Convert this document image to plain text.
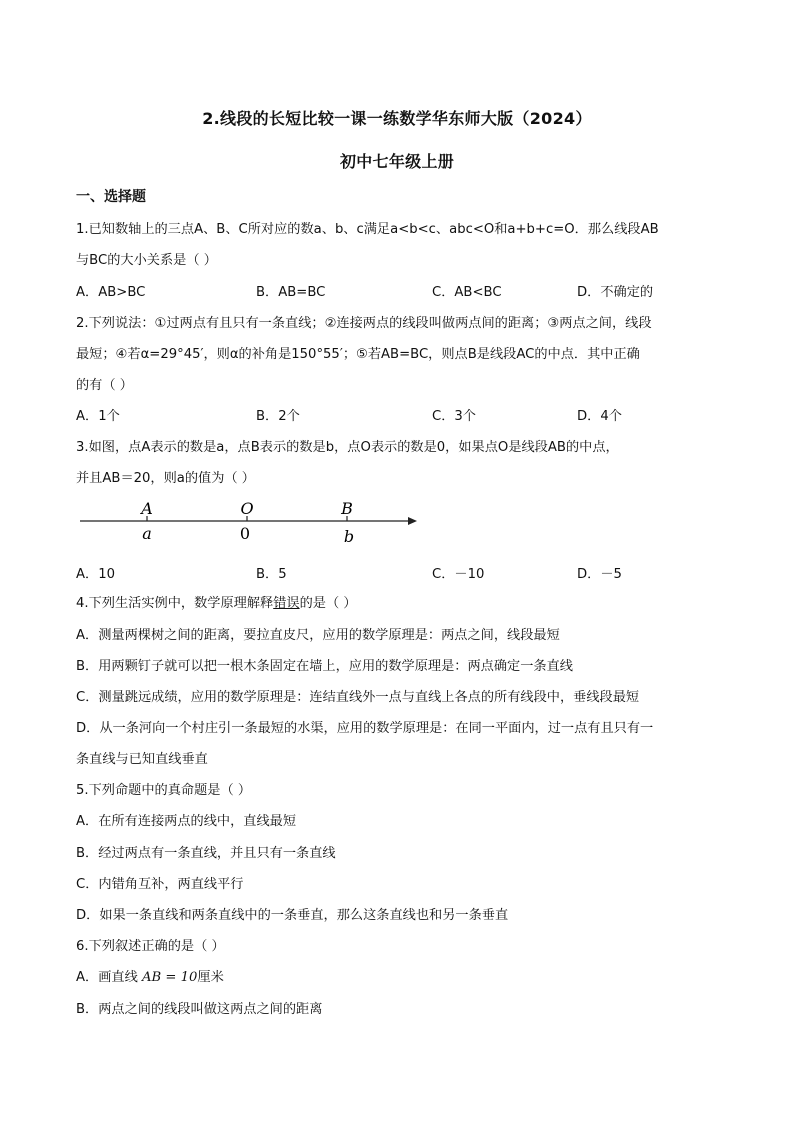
2.线段的长短比较一课一练数学华东师大版（2024）
初中七年级上册
一、选择题
1.已知数轴上的三点A、B、C所对应的数a、b、c满足a<b<c、abc<O和a+b+c=O．那么线段AB
与BC的大小关系是（ ）
A．AB>BC	B．AB=BC	C．AB<BC	D．不确定的
2.下列说法：①过两点有且只有一条直线；②连接两点的线段叫做两点间的距离；③两点之间，线段
最短；④若α=29°45′，则α的补角是150°55′；⑤若AB=BC，则点B是线段AC的中点．其中正确
的有（ ）
A．1个	B．2个	C．3个	D．4个
3.如图，点A表示的数是a，点B表示的数是b，点O表示的数是0，如果点O是线段AB的中点，
并且AB＝20，则a的值为（ ）
A	O	B
a	0	b
A．10	B．5	C．－10	D．－5
4.下列生活实例中，数学原理解释错误的是（ ）
A．测量两棵树之间的距离，要拉直皮尺，应用的数学原理是：两点之间，线段最短
B．用两颗钉子就可以把一根木条固定在墙上，应用的数学原理是：两点确定一条直线
C．测量跳远成绩，应用的数学原理是：连结直线外一点与直线上各点的所有线段中，垂线段最短
D．从一条河向一个村庄引一条最短的水渠，应用的数学原理是：在同一平面内，过一点有且只有一
条直线与已知直线垂直
5.下列命题中的真命题是（ ）
A．在所有连接两点的线中，直线最短
B．经过两点有一条直线，并且只有一条直线
C．内错角互补，两直线平行
D．如果一条直线和两条直线中的一条垂直，那么这条直线也和另一条垂直
6.下列叙述正确的是（ ）
A．画直线 AB = 10厘米
B．两点之间的线段叫做这两点之间的距离
